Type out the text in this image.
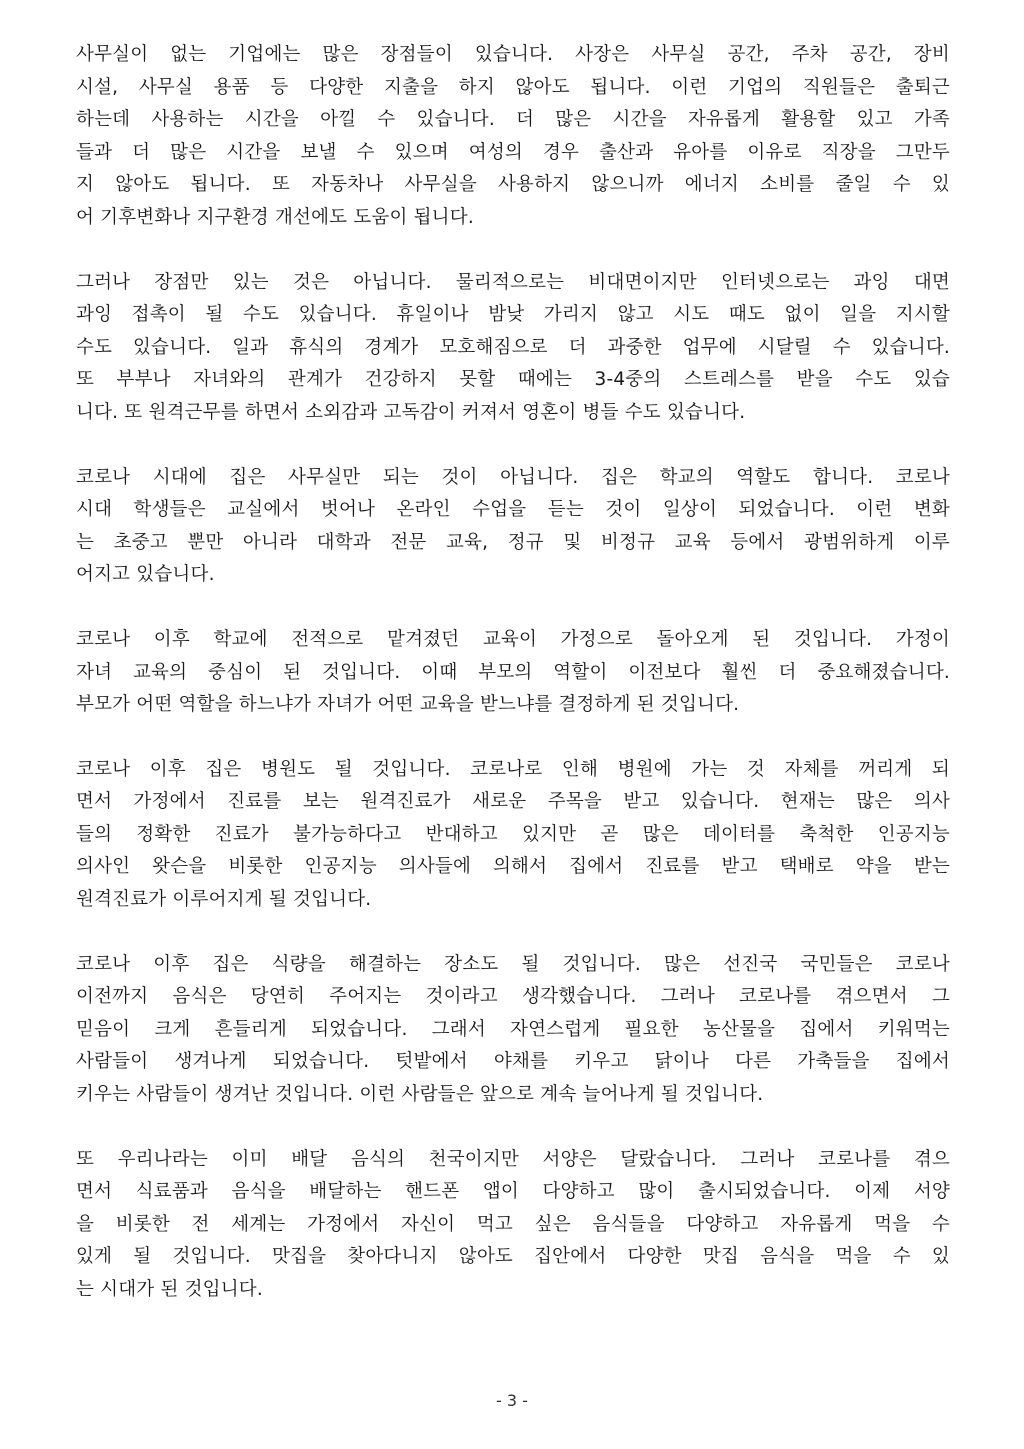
사무실이 없는 기업에는 많은 장점들이 있습니다. 사장은 사무실 공간, 주차 공간, 장비
시설, 사무실 용품 등 다양한 지출을 하지 않아도 됩니다. 이런 기업의 직원들은 출퇴근
하는데 사용하는 시간을 아낄 수 있습니다. 더 많은 시간을 자유롭게 활용할 있고 가족
들과 더 많은 시간을 보낼 수 있으며 여성의 경우 출산과 유아를 이유로 직장을 그만두
지 않아도 됩니다. 또 자동차나 사무실을 사용하지 않으니까 에너지 소비를 줄일 수 있
어 기후변화나 지구환경 개선에도 도움이 됩니다.

그러나 장점만 있는 것은 아닙니다. 물리적으로는 비대면이지만 인터넷으로는 과잉 대면
과잉 접촉이 될 수도 있습니다. 휴일이나 밤낮 가리지 않고 시도 때도 없이 일을 지시할
수도 있습니다. 일과 휴식의 경계가 모호해짐으로 더 과중한 업무에 시달릴 수 있습니다.
또 부부나 자녀와의 관계가 건강하지 못할 때에는 3-4중의 스트레스를 받을 수도 있습
니다. 또 원격근무를 하면서 소외감과 고독감이 커져서 영혼이 병들 수도 있습니다.

코로나 시대에 집은 사무실만 되는 것이 아닙니다. 집은 학교의 역할도 합니다. 코로나
시대 학생들은 교실에서 벗어나 온라인 수업을 듣는 것이 일상이 되었습니다. 이런 변화
는 초중고 뿐만 아니라 대학과 전문 교육, 정규 및 비정규 교육 등에서 광범위하게 이루
어지고 있습니다.

코로나 이후 학교에 전적으로 맡겨졌던 교육이 가정으로 돌아오게 된 것입니다. 가정이
자녀 교육의 중심이 된 것입니다. 이때 부모의 역할이 이전보다 훨씬 더 중요해졌습니다.
부모가 어떤 역할을 하느냐가 자녀가 어떤 교육을 받느냐를 결정하게 된 것입니다.

코로나 이후 집은 병원도 될 것입니다. 코로나로 인해 병원에 가는 것 자체를 꺼리게 되
면서 가정에서 진료를 보는 원격진료가 새로운 주목을 받고 있습니다. 현재는 많은 의사
들의 정확한 진료가 불가능하다고 반대하고 있지만 곧 많은 데이터를 축척한 인공지능
의사인 왓슨을 비롯한 인공지능 의사들에 의해서 집에서 진료를 받고 택배로 약을 받는
원격진료가 이루어지게 될 것입니다.

코로나 이후 집은 식량을 해결하는 장소도 될 것입니다. 많은 선진국 국민들은 코로나
이전까지 음식은 당연히 주어지는 것이라고 생각했습니다. 그러나 코로나를 겪으면서 그
믿음이 크게 흔들리게 되었습니다. 그래서 자연스럽게 필요한 농산물을 집에서 키워먹는
사람들이 생겨나게 되었습니다. 텃밭에서 야채를 키우고 닭이나 다른 가축들을 집에서
키우는 사람들이 생겨난 것입니다. 이런 사람들은 앞으로 계속 늘어나게 될 것입니다.

또 우리나라는 이미 배달 음식의 천국이지만 서양은 달랐습니다. 그러나 코로나를 겪으
면서 식료품과 음식을 배달하는 핸드폰 앱이 다양하고 많이 출시되었습니다. 이제 서양
을 비롯한 전 세계는 가정에서 자신이 먹고 싶은 음식들을 다양하고 자유롭게 먹을 수
있게 될 것입니다. 맛집을 찾아다니지 않아도 집안에서 다양한 맛집 음식을 먹을 수 있
는 시대가 된 것입니다.

- 3 -
